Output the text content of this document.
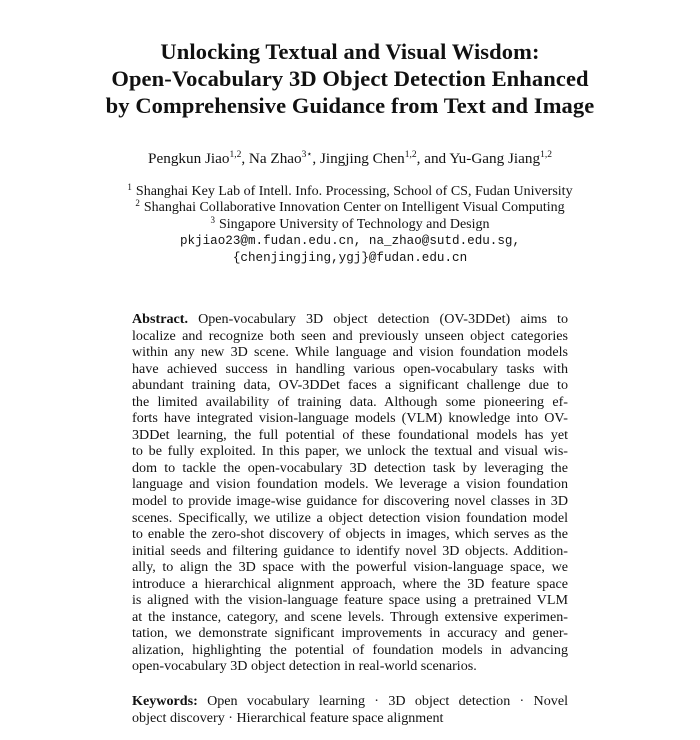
Unlocking Textual and Visual Wisdom:
Open-Vocabulary 3D Object Detection Enhanced
by Comprehensive Guidance from Text and Image
Pengkun Jiao$^{1,2}$, Na Zhao$^{3⋆}$, Jingjing Chen$^{1,2}$, and Yu-Gang Jiang$^{1,2}$
$^1$ Shanghai Key Lab of Intell. Info. Processing, School of CS, Fudan University
$^2$ Shanghai Collaborative Innovation Center on Intelligent Visual Computing
$^3$ Singapore University of Technology and Design
pkjiao23@m.fudan.edu.cn, na_zhao@sutd.edu.sg,
{chenjingjing,ygj}@fudan.edu.cn
Abstract. Open-vocabulary 3D object detection (OV-3DDet) aims to
localize and recognize both seen and previously unseen object categories
within any new 3D scene. While language and vision foundation models
have achieved success in handling various open-vocabulary tasks with
abundant training data, OV-3DDet faces a significant challenge due to
the limited availability of training data. Although some pioneering ef-
forts have integrated vision-language models (VLM) knowledge into OV-
3DDet learning, the full potential of these foundational models has yet
to be fully exploited. In this paper, we unlock the textual and visual wis-
dom to tackle the open-vocabulary 3D detection task by leveraging the
language and vision foundation models. We leverage a vision foundation
model to provide image-wise guidance for discovering novel classes in 3D
scenes. Specifically, we utilize a object detection vision foundation model
to enable the zero-shot discovery of objects in images, which serves as the
initial seeds and filtering guidance to identify novel 3D objects. Addition-
ally, to align the 3D space with the powerful vision-language space, we
introduce a hierarchical alignment approach, where the 3D feature space
is aligned with the vision-language feature space using a pretrained VLM
at the instance, category, and scene levels. Through extensive experimen-
tation, we demonstrate significant improvements in accuracy and gener-
alization, highlighting the potential of foundation models in advancing
open-vocabulary 3D object detection in real-world scenarios.
Keywords: Open vocabulary learning · 3D object detection · Novel
object discovery · Hierarchical feature space alignment
